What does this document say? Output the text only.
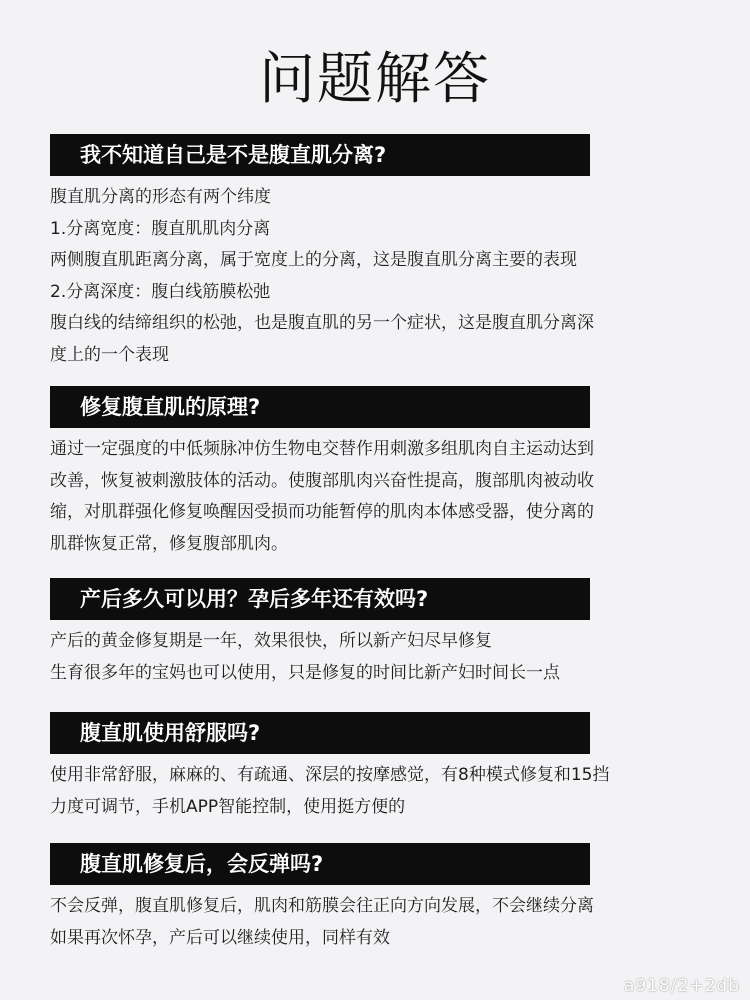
问题解答
我不知道自己是不是腹直肌分离?
腹直肌分离的形态有两个纬度
1.分离宽度：腹直肌肌肉分离
两侧腹直肌距离分离，属于宽度上的分离，这是腹直肌分离主要的表现
2.分离深度：腹白线筋膜松弛
腹白线的结缔组织的松弛，也是腹直肌的另一个症状，这是腹直肌分离深
度上的一个表现
修复腹直肌的原理?
通过一定强度的中低频脉冲仿生物电交替作用刺激多组肌肉自主运动达到
改善，恢复被刺激肢体的活动。使腹部肌肉兴奋性提高，腹部肌肉被动收
缩，对肌群强化修复唤醒因受损而功能暂停的肌肉本体感受器，使分离的
肌群恢复正常，修复腹部肌肉。
产后多久可以用？孕后多年还有效吗?
产后的黄金修复期是一年，效果很快，所以新产妇尽早修复
生育很多年的宝妈也可以使用，只是修复的时间比新产妇时间长一点
腹直肌使用舒服吗?
使用非常舒服，麻麻的、有疏通、深层的按摩感觉，有8种模式修复和15挡
力度可调节，手机APP智能控制，使用挺方便的
腹直肌修复后，会反弹吗?
不会反弹，腹直肌修复后，肌肉和筋膜会往正向方向发展，不会继续分离
如果再次怀孕，产后可以继续使用，同样有效
a918/2+2db
